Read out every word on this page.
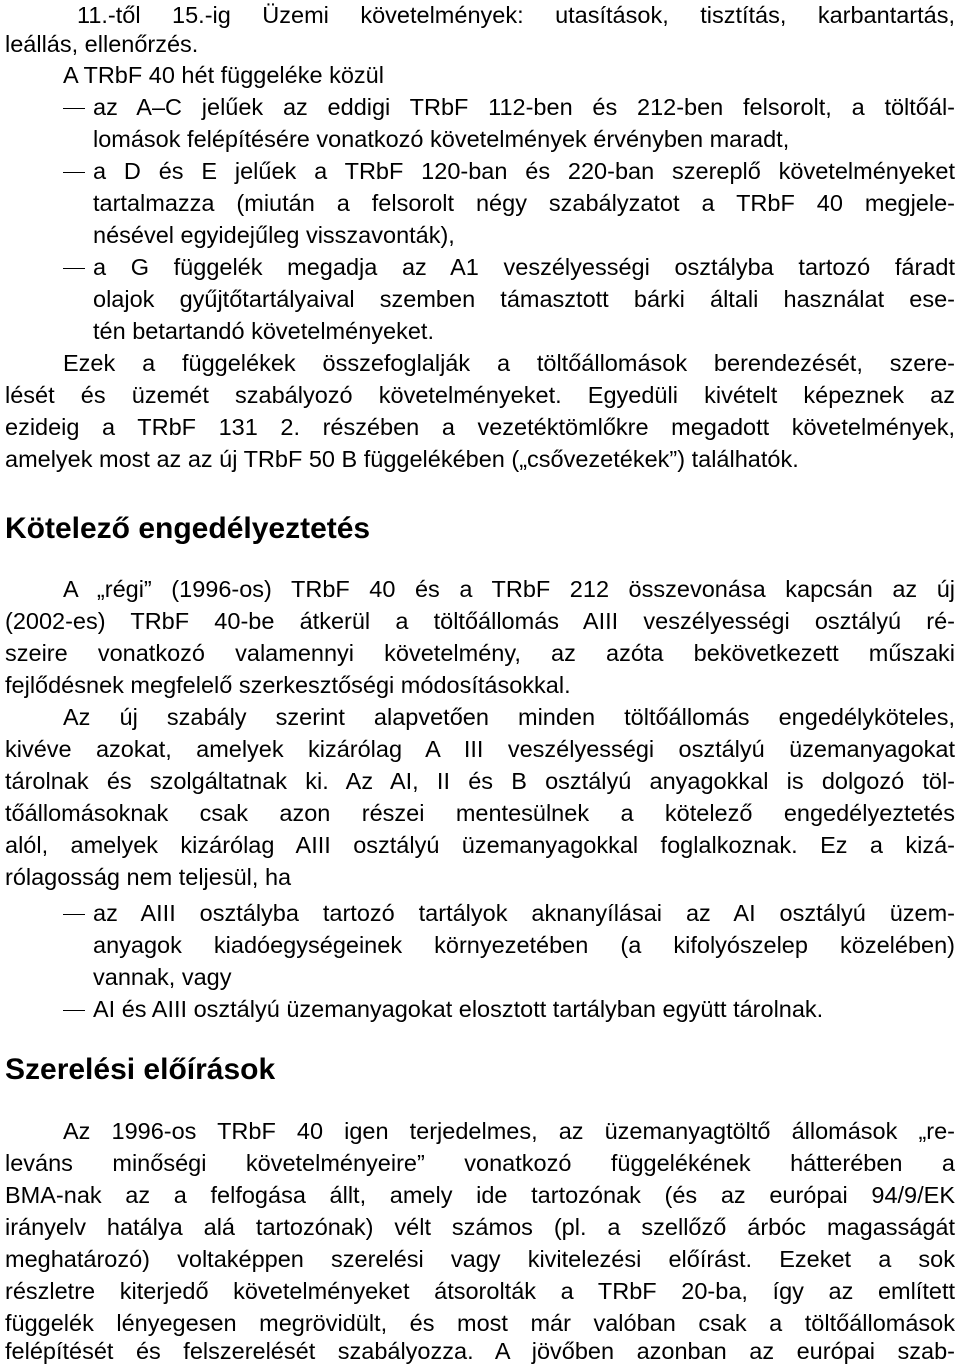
11.-től 15.-ig Üzemi követelmények: utasítások, tisztítás, karbantartás,
leállás, ellenőrzés.
A TRbF 40 hét függeléke közül
az A–C jelűek az eddigi TRbF 112-ben és 212-ben felsorolt, a töltőál-
lomások felépítésére vonatkozó követelmények érvényben maradt,
a D és E jelűek a TRbF 120-ban és 220-ban szereplő követelményeket
tartalmazza (miután a felsorolt négy szabályzatot a TRbF 40 megjele-
nésével egyidejűleg visszavonták),
a G függelék megadja az A1 veszélyességi osztályba tartozó fáradt
olajok gyűjtőtartályaival szemben támasztott bárki általi használat ese-
tén betartandó követelményeket.
Ezek a függelékek összefoglalják a töltőállomások berendezését, szere-
lését és üzemét szabályozó követelményeket. Egyedüli kivételt képeznek az
ezideig a TRbF 131 2. részében a vezetéktömlőkre megadott követelmények,
amelyek most az az új TRbF 50 B függelékében („csővezetékek”) találhatók.
Kötelező engedélyeztetés
A „régi” (1996-os) TRbF 40 és a TRbF 212 összevonása kapcsán az új
(2002-es) TRbF 40-be átkerül a töltőállomás AIII veszélyességi osztályú ré-
szeire vonatkozó valamennyi követelmény, az azóta bekövetkezett műszaki
fejlődésnek megfelelő szerkesztőségi módosításokkal.
Az új szabály szerint alapvetően minden töltőállomás engedélyköteles,
kivéve azokat, amelyek kizárólag A III veszélyességi osztályú üzemanyagokat
tárolnak és szolgáltatnak ki. Az AI, II és B osztályú anyagokkal is dolgozó töl-
tőállomásoknak csak azon részei mentesülnek a kötelező engedélyeztetés
alól, amelyek kizárólag AIII osztályú üzemanyagokkal foglalkoznak. Ez a kizá-
rólagosság nem teljesül, ha
az AIII osztályba tartozó tartályok aknanyílásai az AI osztályú üzem-
anyagok kiadóegységeinek környezetében (a kifolyószelep közelében)
vannak, vagy
AI és AIII osztályú üzemanyagokat elosztott tartályban együtt tárolnak.
Szerelési előírások
Az 1996-os TRbF 40 igen terjedelmes, az üzemanyagtöltő állomások „re-
leváns minőségi követelményeire” vonatkozó függelékének hátterében a
BMA-nak az a felfogása állt, amely ide tartozónak (és az európai 94/9/EK
irányelv hatálya alá tartozónak) vélt számos (pl. a szellőző árbóc magasságát
meghatározó) voltaképpen szerelési vagy kivitelezési előírást. Ezeket a sok
részletre kiterjedő követelményeket átsorolták a TRbF 20-ba, így az említett
függelék lényegesen megrövidült, és most már valóban csak a töltőállomások
felépítését és felszerelését szabályozza. A jövőben azonban az európai szab-
